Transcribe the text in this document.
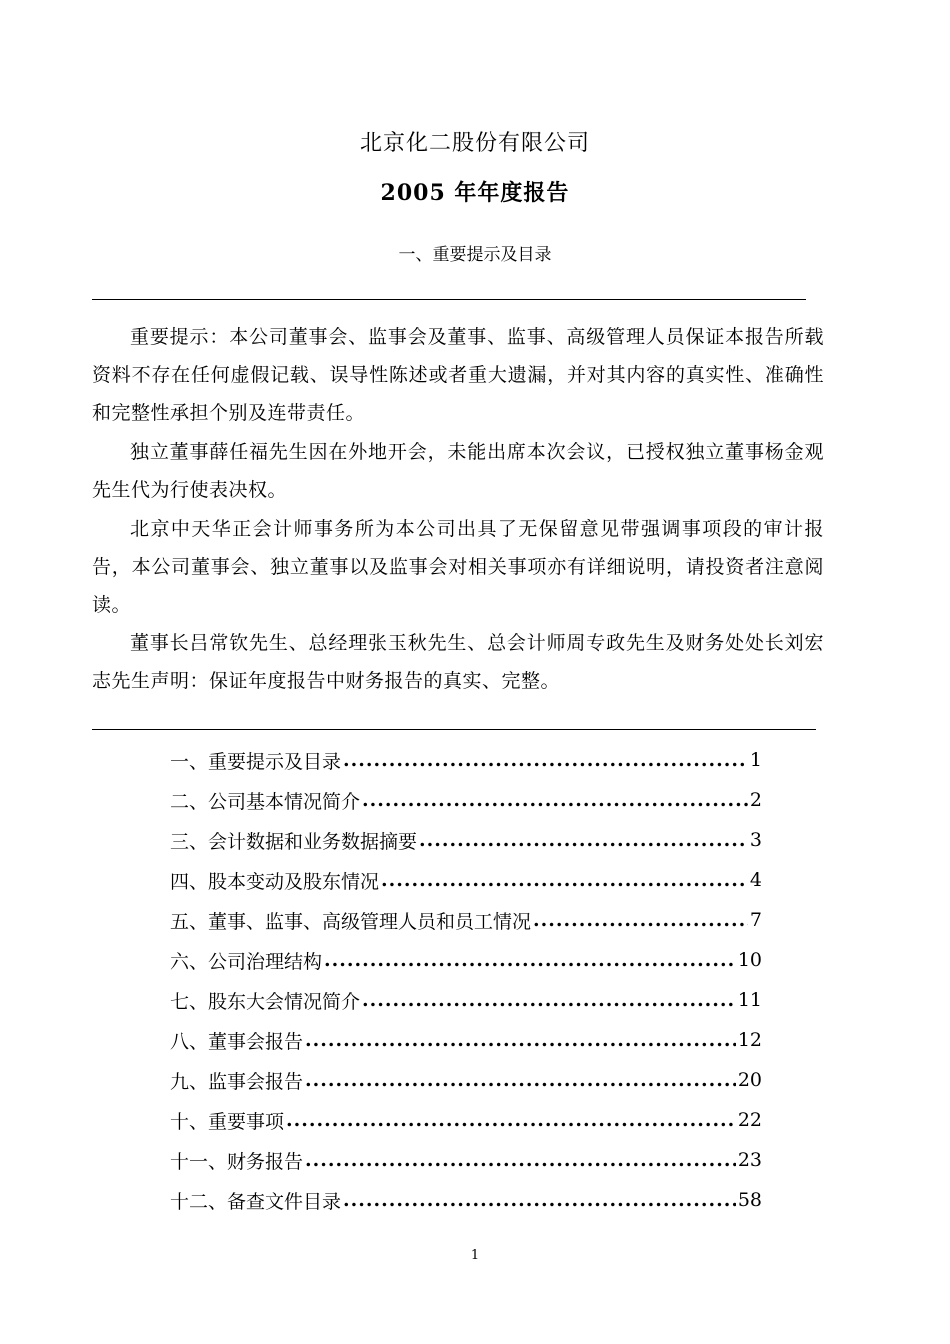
北京化二股份有限公司
2005 年年度报告
一、重要提示及目录

重要提示：本公司董事会、监事会及董事、监事、高级管理人员保证本报告所载资料不存在任何虚假记载、误导性陈述或者重大遗漏，并对其内容的真实性、准确性和完整性承担个别及连带责任。

独立董事薛任福先生因在外地开会，未能出席本次会议，已授权独立董事杨金观先生代为行使表决权。

北京中天华正会计师事务所为本公司出具了无保留意见带强调事项段的审计报告，本公司董事会、独立董事以及监事会对相关事项亦有详细说明，请投资者注意阅读。

董事长吕常钦先生、总经理张玉秋先生、总会计师周专政先生及财务处处长刘宏志先生声明：保证年度报告中财务报告的真实、完整。

一、重要提示及目录 .....	1
二、公司基本情况简介 .....	2
三、会计数据和业务数据摘要 .....	3
四、股本变动及股东情况 .....	4
五、董事、监事、高级管理人员和员工情况 .....	7
六、公司治理结构 .....	10
七、股东大会情况简介 .....	11
八、董事会报告 .....	12
九、监事会报告 .....	20
十、重要事项 .....	22
十一、财务报告 .....	23
十二、备查文件目录 .....	58
1
